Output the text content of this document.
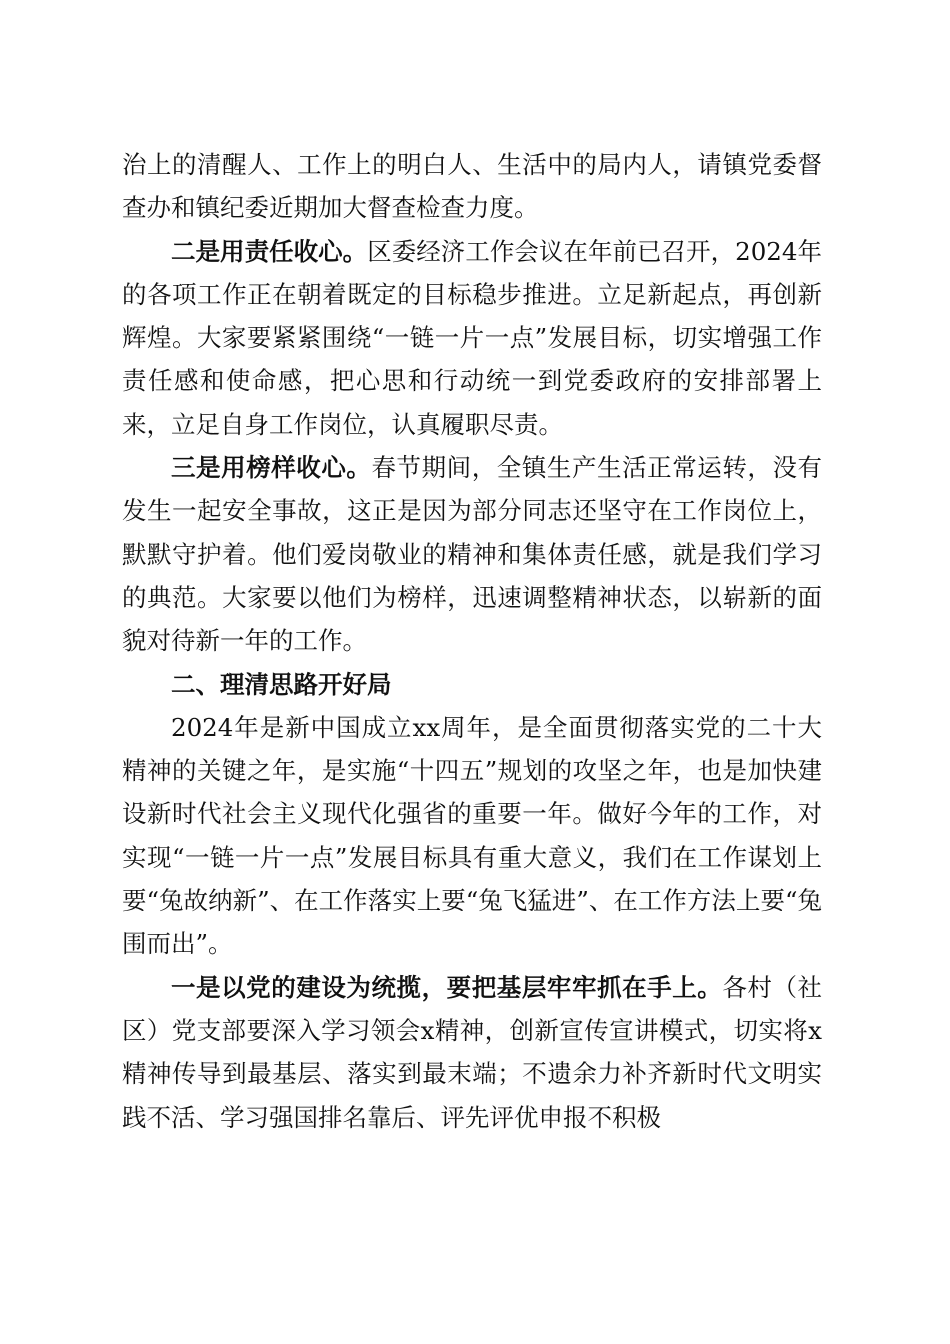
治上的清醒人、工作上的明白人、生活中的局内人，请镇党委督查办和镇纪委近期加大督查检查力度。

二是用责任收心。区委经济工作会议在年前已召开，2024年的各项工作正在朝着既定的目标稳步推进。立足新起点，再创新辉煌。大家要紧紧围绕“一链一片一点”发展目标，切实增强工作责任感和使命感，把心思和行动统一到党委政府的安排部署上来，立足自身工作岗位，认真履职尽责。

三是用榜样收心。春节期间，全镇生产生活正常运转，没有发生一起安全事故，这正是因为部分同志还坚守在工作岗位上，默默守护着。他们爱岗敬业的精神和集体责任感，就是我们学习的典范。大家要以他们为榜样，迅速调整精神状态，以崭新的面貌对待新一年的工作。

二、理清思路开好局

2024年是新中国成立xx周年，是全面贯彻落实党的二十大精神的关键之年，是实施“十四五”规划的攻坚之年，也是加快建设新时代社会主义现代化强省的重要一年。做好今年的工作，对实现“一链一片一点”发展目标具有重大意义，我们在工作谋划上要“兔故纳新”、在工作落实上要“兔飞猛进”、在工作方法上要“兔围而出”。

一是以党的建设为统揽，要把基层牢牢抓在手上。各村（社区）党支部要深入学习领会x精神，创新宣传宣讲模式，切实将x精神传导到最基层、落实到最末端；不遗余力补齐新时代文明实践不活、学习强国排名靠后、评先评优申报不积极
